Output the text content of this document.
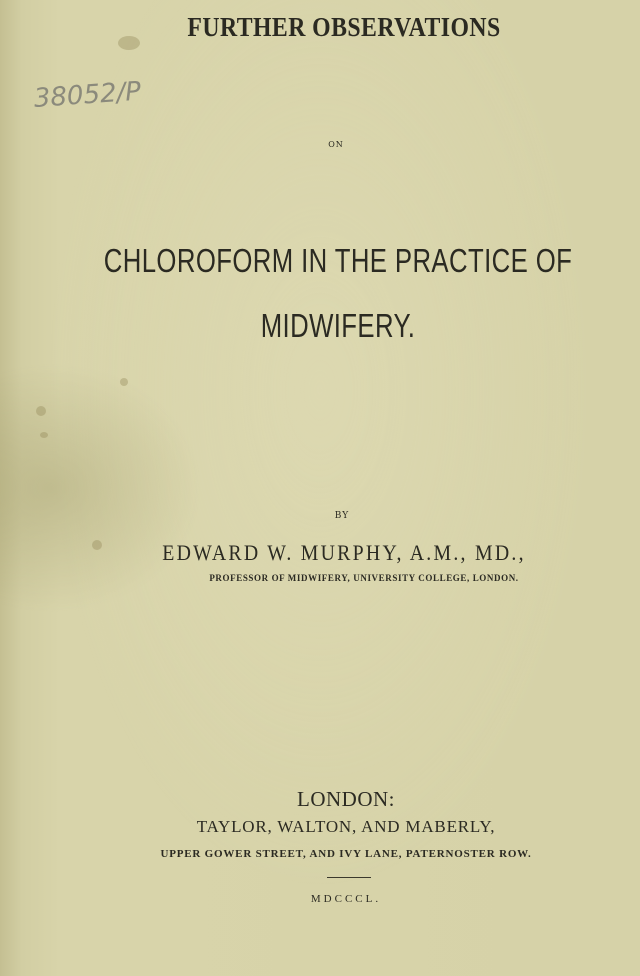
38052/P

FURTHER OBSERVATIONS

ON

CHLOROFORM IN THE PRACTICE OF

MIDWIFERY.

BY

EDWARD W. MURPHY, A.M., MD.,

PROFESSOR OF MIDWIFERY, UNIVERSITY COLLEGE, LONDON.

LONDON:

TAYLOR, WALTON, AND MABERLY,

UPPER GOWER STREET, AND IVY LANE, PATERNOSTER ROW.

MDCCCL.
